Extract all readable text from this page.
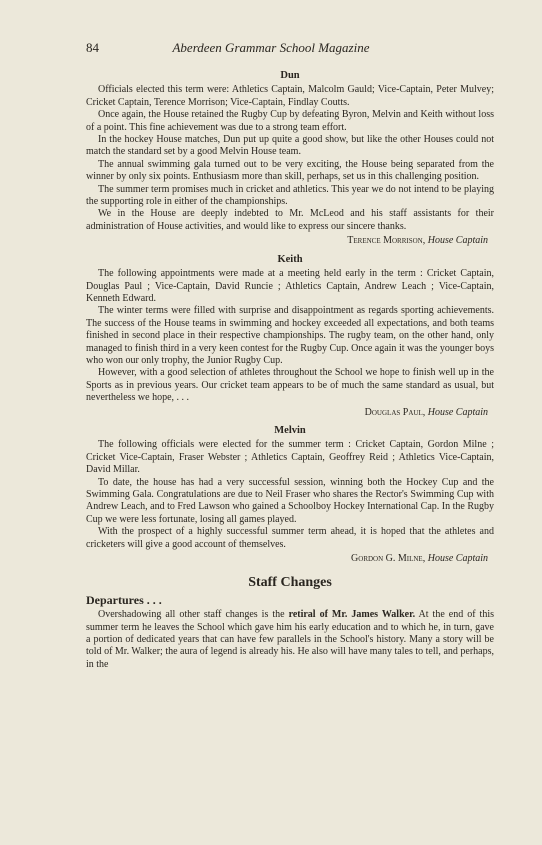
84	Aberdeen Grammar School Magazine
Dun

Officials elected this term were: Athletics Captain, Malcolm Gauld; Vice-Captain, Peter Mulvey; Cricket Captain, Terence Morrison; Vice-Captain, Findlay Coutts.

Once again, the House retained the Rugby Cup by defeating Byron, Melvin and Keith without loss of a point. This fine achievement was due to a strong team effort.

In the hockey House matches, Dun put up quite a good show, but like the other Houses could not match the standard set by a good Melvin House team.

The annual swimming gala turned out to be very exciting, the House being separated from the winner by only six points. Enthusiasm more than skill, perhaps, set us in this challenging position.

The summer term promises much in cricket and athletics. This year we do not intend to be playing the supporting role in either of the championships.

We in the House are deeply indebted to Mr. McLeod and his staff assistants for their administration of House activities, and would like to express our sincere thanks.

Terence Morrison, House Captain
Keith

The following appointments were made at a meeting held early in the term : Cricket Captain, Douglas Paul ; Vice-Captain, David Runcie ; Athletics Captain, Andrew Leach ; Vice-Captain, Kenneth Edward.

The winter terms were filled with surprise and disappointment as regards sporting achievements. The success of the House teams in swimming and hockey exceeded all expectations, and both teams finished in second place in their respective championships. The rugby team, on the other hand, only managed to finish third in a very keen contest for the Rugby Cup. Once again it was the younger boys who won our only trophy, the Junior Rugby Cup.

However, with a good selection of athletes throughout the School we hope to finish well up in the Sports as in previous years. Our cricket team appears to be of much the same standard as usual, but nevertheless we hope, . . .

Douglas Paul, House Captain
Melvin

The following officials were elected for the summer term : Cricket Captain, Gordon Milne ; Cricket Vice-Captain, Fraser Webster ; Athletics Captain, Geoffrey Reid ; Athletics Vice-Captain, David Millar.

To date, the house has had a very successful session, winning both the Hockey Cup and the Swimming Gala. Congratulations are due to Neil Fraser who shares the Rector's Swimming Cup with Andrew Leach, and to Fred Lawson who gained a Schoolboy Hockey International Cap. In the Rugby Cup we were less fortunate, losing all games played.

With the prospect of a highly successful summer term ahead, it is hoped that the athletes and cricketers will give a good account of themselves.

Gordon G. Milne, House Captain
Staff Changes
Departures . . .

Overshadowing all other staff changes is the retiral of Mr. James Walker. At the end of this summer term he leaves the School which gave him his early education and to which he, in turn, gave a portion of dedicated years that can have few parallels in the School's history. Many a story will be told of Mr. Walker; the aura of legend is already his. He also will have many tales to tell, and perhaps, in the
